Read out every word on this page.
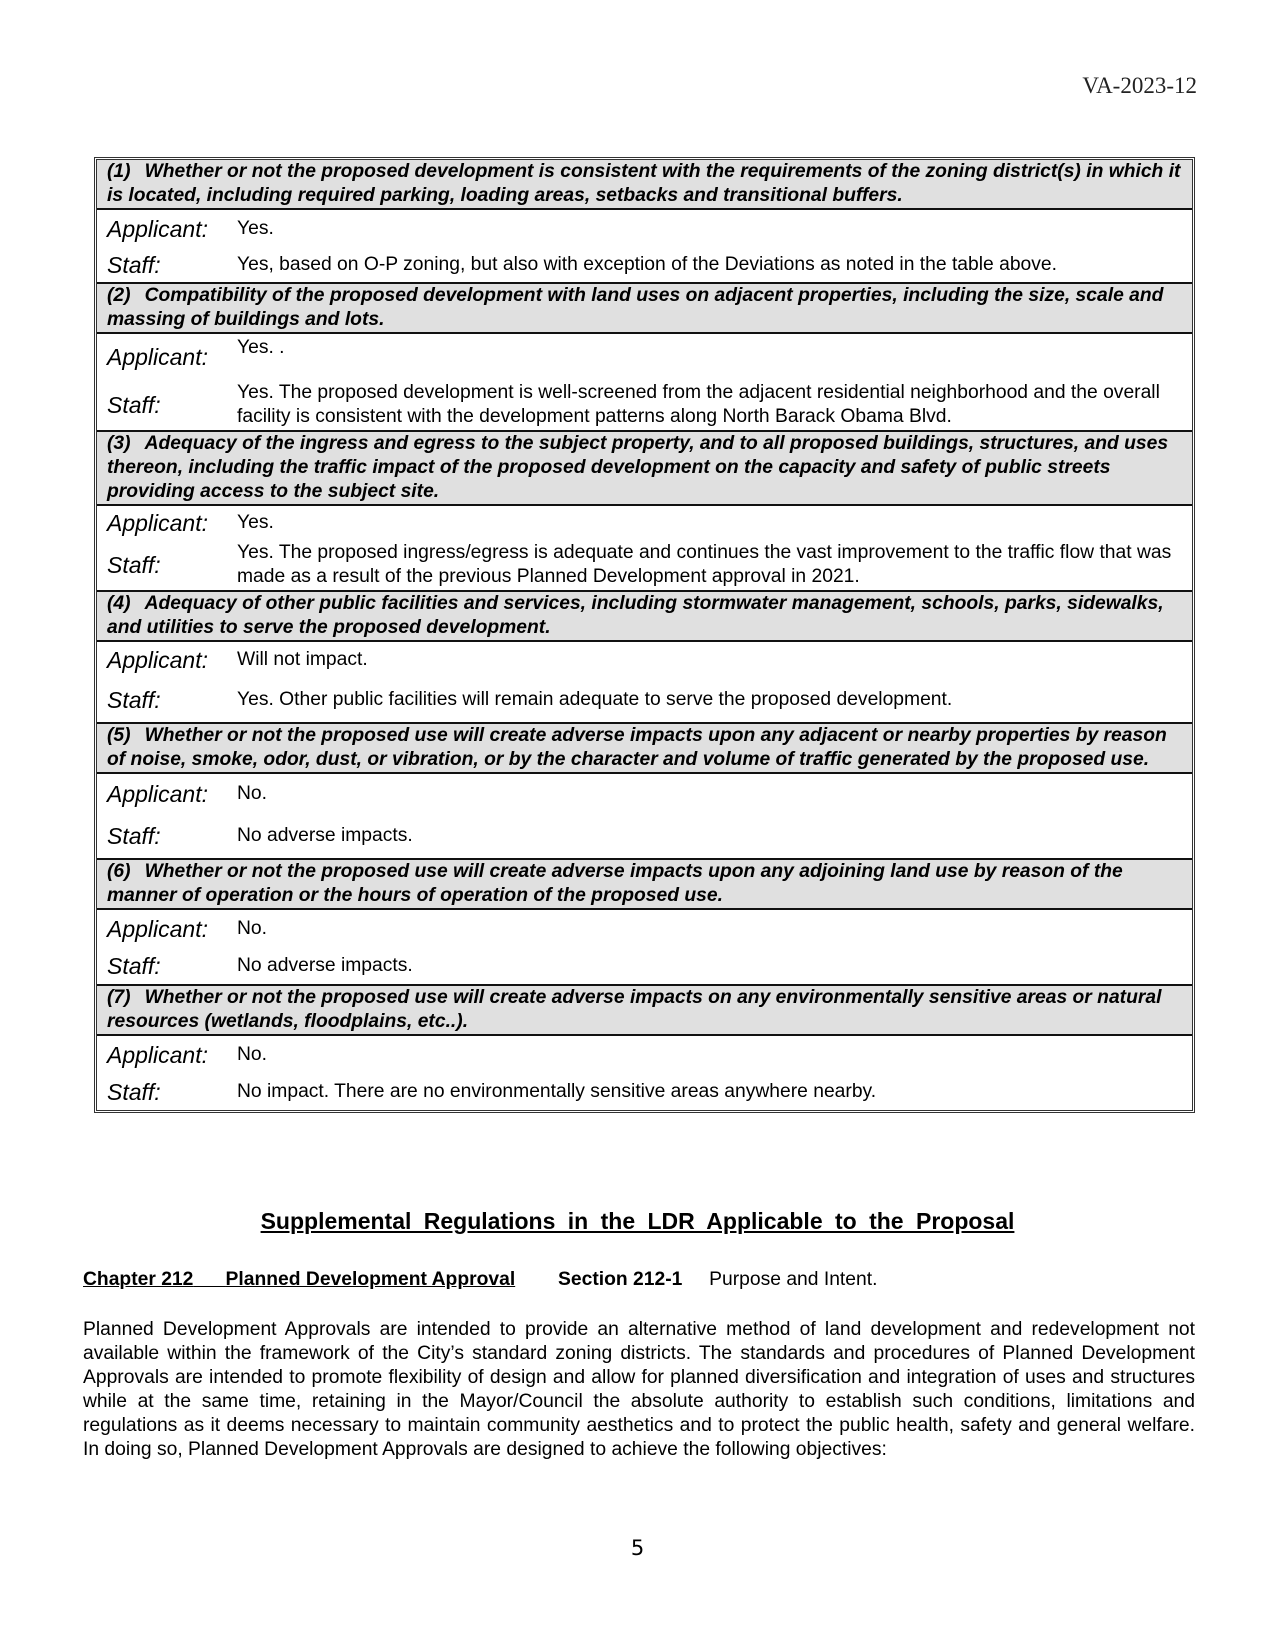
VA-2023-12
(1) Whether or not the proposed development is consistent with the requirements of the zoning district(s) in which it is located, including required parking, loading areas, setbacks and transitional buffers.
Applicant:	Yes.
Staff:	Yes, based on O-P zoning, but also with exception of the Deviations as noted in the table above.
(2) Compatibility of the proposed development with land uses on adjacent properties, including the size, scale and massing of buildings and lots.
Applicant:	Yes. .
Staff:	Yes. The proposed development is well-screened from the adjacent residential neighborhood and the overall facility is consistent with the development patterns along North Barack Obama Blvd.
(3) Adequacy of the ingress and egress to the subject property, and to all proposed buildings, structures, and uses thereon, including the traffic impact of the proposed development on the capacity and safety of public streets providing access to the subject site.
Applicant:	Yes.
Staff:	Yes. The proposed ingress/egress is adequate and continues the vast improvement to the traffic flow that was made as a result of the previous Planned Development approval in 2021.
(4) Adequacy of other public facilities and services, including stormwater management, schools, parks, sidewalks, and utilities to serve the proposed development.
Applicant:	Will not impact.
Staff:	Yes. Other public facilities will remain adequate to serve the proposed development.
(5) Whether or not the proposed use will create adverse impacts upon any adjacent or nearby properties by reason of noise, smoke, odor, dust, or vibration, or by the character and volume of traffic generated by the proposed use.
Applicant:	No.
Staff:	No adverse impacts.
(6) Whether or not the proposed use will create adverse impacts upon any adjoining land use by reason of the manner of operation or the hours of operation of the proposed use.
Applicant:	No.
Staff:	No adverse impacts.
(7) Whether or not the proposed use will create adverse impacts on any environmentally sensitive areas or natural resources (wetlands, floodplains, etc..).
Applicant:	No.
Staff:	No impact. There are no environmentally sensitive areas anywhere nearby.
Supplemental Regulations in the LDR Applicable to the Proposal
Chapter 212 Planned Development Approval Section 212-1 Purpose and Intent.
Planned Development Approvals are intended to provide an alternative method of land development and redevelopment not available within the framework of the City’s standard zoning districts. The standards and procedures of Planned Development Approvals are intended to promote flexibility of design and allow for planned diversification and integration of uses and structures while at the same time, retaining in the Mayor/Council the absolute authority to establish such conditions, limitations and regulations as it deems necessary to maintain community aesthetics and to protect the public health, safety and general welfare. In doing so, Planned Development Approvals are designed to achieve the following objectives:
5
